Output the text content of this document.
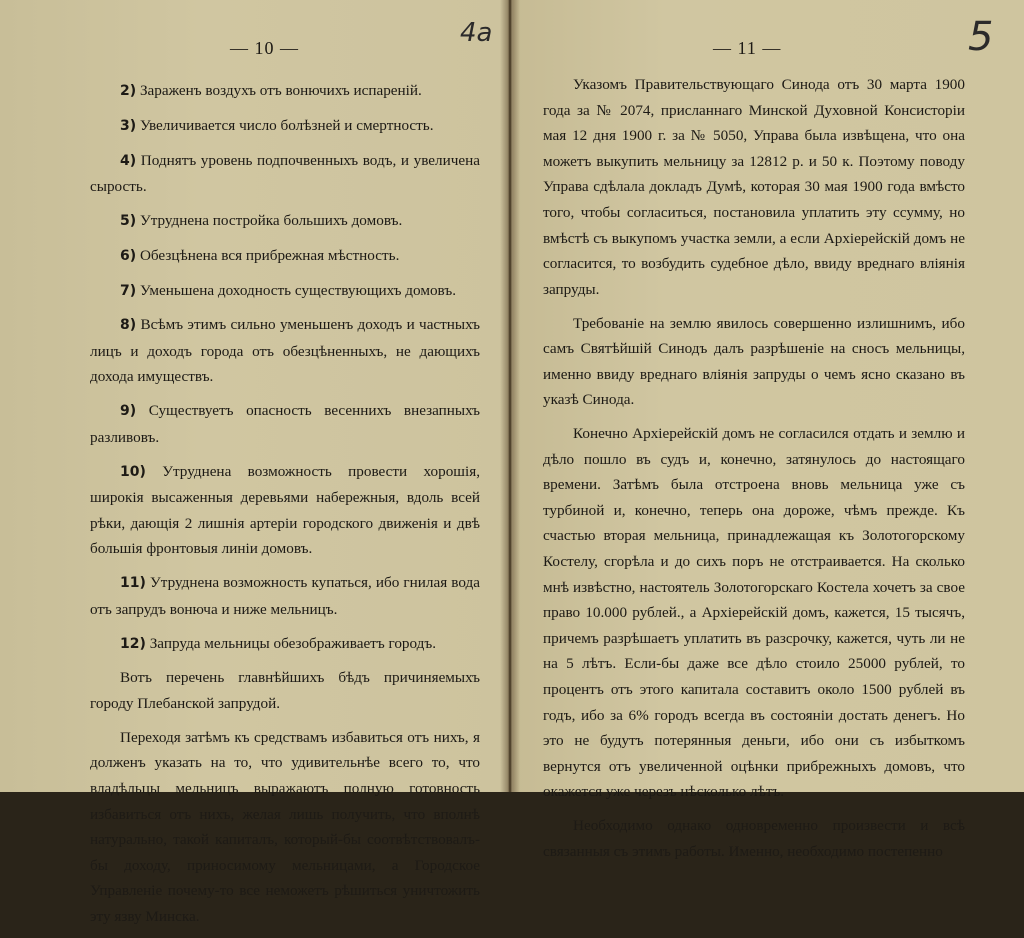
— 10 —	4a

2) Зараженъ воздухъ отъ вонючихъ испареній.

3) Увеличивается число болѣзней и смертность.

4) Поднятъ уровень подпочвенныхъ водъ, и увеличена сырость.

5) Утруднена постройка большихъ домовъ.

6) Обезцѣнена вся прибрежная мѣстность.

7) Уменьшена доходность существующихъ домовъ.

8) Всѣмъ этимъ сильно уменьшенъ доходъ и частныхъ лицъ и доходъ города отъ обезцѣненныхъ, не дающихъ дохода имуществъ.

9) Существуетъ опасность весеннихъ внезапныхъ разливовъ.

10) Утруднена возможность провести хорошія, широкія высаженныя деревьями набережныя, вдоль всей рѣки, дающія 2 лишнія артеріи городского движенія и двѣ большія фронтовыя линіи домовъ.

11) Утруднена возможность купаться, ибо гнилая вода отъ запрудъ вонюча и ниже мельницъ.

12) Запруда мельницы обезображиваетъ городъ.

Вотъ перечень главнѣйшихъ бѣдъ причиняемыхъ городу Плебанской запрудой.

Переходя затѣмъ къ средствамъ избавиться отъ нихъ, я долженъ указать на то, что удивительнѣе всего то, что владѣльцы мельницъ выражаютъ полную готовность избавиться отъ нихъ, желая лишь получить, что вполнѣ натурально, такой капиталъ, который-бы соотвѣтствовалъ-бы доходу, приносимому мельницами, а Городское Управленіе почему-то все неможетъ рѣшиться уничтожить эту язву Минска.

— 11 —	5

Указомъ Правительствующаго Синода отъ 30 марта 1900 года за № 2074, присланнаго Минской Духовной Консисторіи мая 12 дня 1900 г. за № 5050, Управа была извѣщена, что она можетъ выкупить мельницу за 12812 р. и 50 к. Поэтому поводу Управа сдѣлала докладъ Думѣ, которая 30 мая 1900 года вмѣсто того, чтобы согласиться, постановила уплатить эту ссумму, но вмѣстѣ съ выкупомъ участка земли, а если Архіерейскій домъ не согласится, то возбудить судебное дѣло, ввиду вреднаго вліянія запруды.

Требованіе на землю явилось совершенно излишнимъ, ибо самъ Святѣйшій Синодъ далъ разрѣшеніе на сносъ мельницы, именно ввиду вреднаго вліянія запруды о чемъ ясно сказано въ указѣ Синода.

Конечно Архіерейскій домъ не согласился отдать и землю и дѣло пошло въ судъ и, конечно, затянулось до настоящаго времени. Затѣмъ была отстроена вновь мельница уже съ турбиной и, конечно, теперь она дороже, чѣмъ прежде. Къ счастью вторая мельница, принадлежащая къ Золотогорскому Костелу, сгорѣла и до сихъ поръ не отстраивается. На сколько мнѣ извѣстно, настоятель Золотогорскаго Костела хочетъ за свое право 10.000 рублей., а Архіерейскій домъ, кажется, 15 тысячъ, причемъ разрѣшаетъ уплатить въ разсрочку, кажется, чуть ли не на 5 лѣтъ. Если-бы даже все дѣло стоило 25000 рублей, то процентъ отъ этого капитала составитъ около 1500 рублей въ годъ, ибо за 6% городъ всегда въ состояніи достать денегъ. Но это не будутъ потерянныя деньги, ибо они съ избыткомъ вернутся отъ увеличенной оцѣнки прибрежныхъ домовъ, что окажется уже черезъ нѣсколько лѣтъ.

Необходимо однако одновременно произвести и всѣ связанныя съ этимъ работы. Именно, необходимо постепенно
